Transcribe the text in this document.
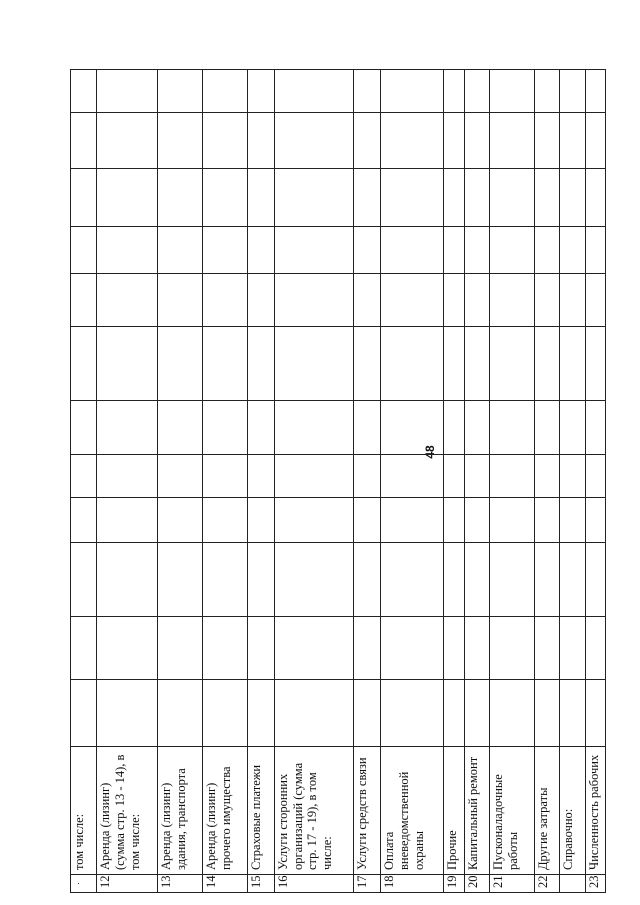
48
.	том числе:												
12	Аренда (лизинг) (сумма стр. 13 - 14), в том числе:												
13	Аренда (лизинг) здания, транспорта												
14	Аренда (лизинг) прочего имущества												
15	Страховые платежи												
16	Услуги сторонних организаций (сумма стр. 17 - 19), в том числе:												
17	Услуги средств связи												
18	Оплата вневедомственной охраны												
19	Прочие												
20	Капитальный ремонт												
21	Пусконаладочные работы												
22	Другие затраты												
	Справочно:												
23	Численность рабочих												
